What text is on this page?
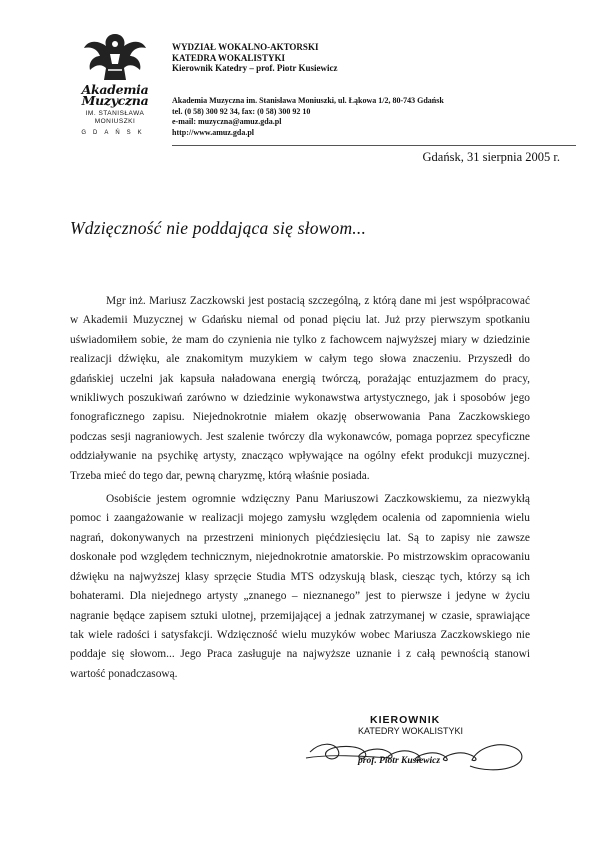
Akademia
Muzyczna
IM. STANISŁAWA
MONIUSZKI
GDAŃSK
WYDZIAŁ WOKALNO-AKTORSKI
KATEDRA WOKALISTYKI
Kierownik Katedry – prof. Piotr Kusiewicz
Akademia Muzyczna im. Stanisława Moniuszki, ul. Łąkowa 1/2, 80-743 Gdańsk
tel. (0 58) 300 92 34, fax: (0 58) 300 92 10
e-mail: muzyczna@amuz.gda.pl
http://www.amuz.gda.pl
Gdańsk, 31 sierpnia 2005 r.
Wdzięczność nie poddająca się słowom...

Mgr inż. Mariusz Zaczkowski jest postacią szczególną, z którą dane mi jest współpracować w Akademii Muzycznej w Gdańsku niemal od ponad pięciu lat. Już przy pierwszym spotkaniu uświadomiłem sobie, że mam do czynienia nie tylko z fachowcem najwyższej miary w dziedzinie realizacji dźwięku, ale znakomitym muzykiem w całym tego słowa znaczeniu. Przyszedł do gdańskiej uczelni jak kapsuła naładowana energią twórczą, porażając entuzjazmem do pracy, wnikliwych poszukiwań zarówno w dziedzinie wykonawstwa artystycznego, jak i sposobów jego fonograficznego zapisu. Niejednokrotnie miałem okazję obserwowania Pana Zaczkowskiego podczas sesji nagraniowych. Jest szalenie twórczy dla wykonawców, pomaga poprzez specyficzne oddziaływanie na psychikę artysty, znacząco wpływające na ogólny efekt produkcji muzycznej. Trzeba mieć do tego dar, pewną charyzmę, którą właśnie posiada.

Osobiście jestem ogromnie wdzięczny Panu Mariuszowi Zaczkowskiemu, za niezwykłą pomoc i zaangażowanie w realizacji mojego zamysłu względem ocalenia od zapomnienia wielu nagrań, dokonywanych na przestrzeni minionych pięćdziesięciu lat. Są to zapisy nie zawsze doskonałe pod względem technicznym, niejednokrotnie amatorskie. Po mistrzowskim opracowaniu dźwięku na najwyższej klasy sprzęcie Studia MTS odzyskują blask, ciesząc tych, którzy są ich bohaterami. Dla niejednego artysty „znanego – nieznanego” jest to pierwsze i jedyne w życiu nagranie będące zapisem sztuki ulotnej, przemijającej a jednak zatrzymanej w czasie, sprawiające tak wiele radości i satysfakcji. Wdzięczność wielu muzyków wobec Mariusza Zaczkowskiego nie poddaje się słowom... Jego Praca zasługuje na najwyższe uznanie i z całą pewnością stanowi wartość ponadczasową.

KIEROWNIK
KATEDRY WOKALISTYKI
prof. Piotr Kusiewicz
